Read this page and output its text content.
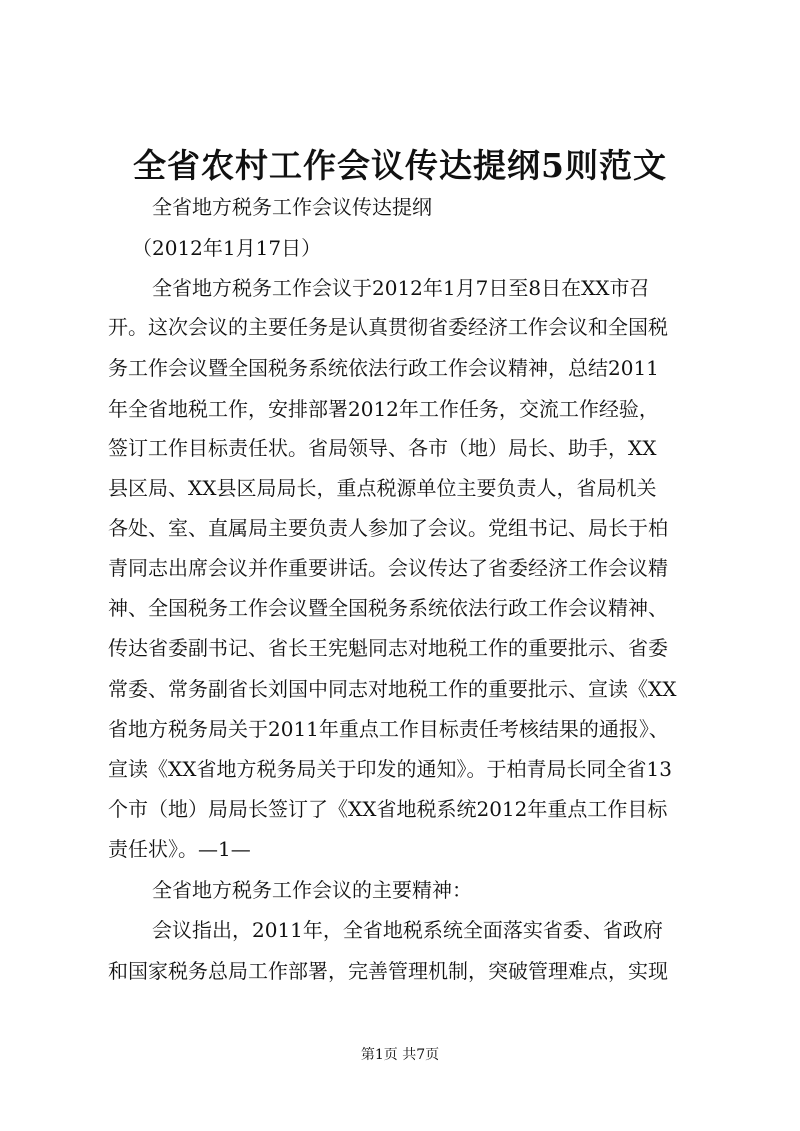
全省农村工作会议传达提纲5则范文
全省地方税务工作会议传达提纲
（2012年1月17日）
全省地方税务工作会议于2012年1月7日至8日在XX市召
开。这次会议的主要任务是认真贯彻省委经济工作会议和全国税
务工作会议暨全国税务系统依法行政工作会议精神，总结2011
年全省地税工作，安排部署2012年工作任务，交流工作经验，
签订工作目标责任状。省局领导、各市（地）局长、助手，XX
县区局、XX县区局局长，重点税源单位主要负责人，省局机关
各处、室、直属局主要负责人参加了会议。党组书记、局长于柏
青同志出席会议并作重要讲话。会议传达了省委经济工作会议精
神、全国税务工作会议暨全国税务系统依法行政工作会议精神、
传达省委副书记、省长王宪魁同志对地税工作的重要批示、省委
常委、常务副省长刘国中同志对地税工作的重要批示、宣读《XX
省地方税务局关于2011年重点工作目标责任考核结果的通报》、
宣读《XX省地方税务局关于印发的通知》。于柏青局长同全省13
个市（地）局局长签订了《XX省地税系统2012年重点工作目标
责任状》。—1—
全省地方税务工作会议的主要精神：
会议指出，2011年，全省地税系统全面落实省委、省政府
和国家税务总局工作部署，完善管理机制，突破管理难点，实现
第1页 共7页
